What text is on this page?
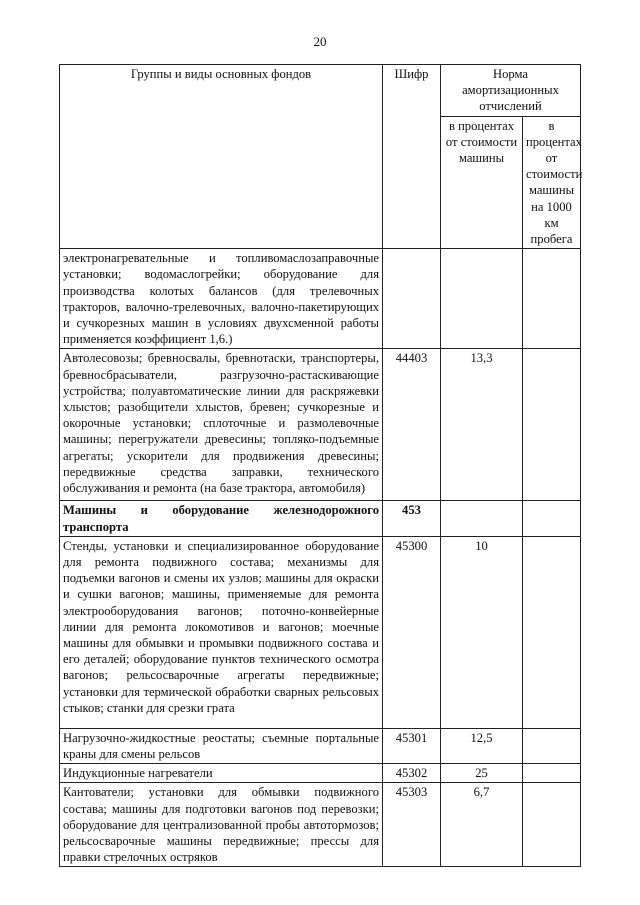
20
Группы и виды основных фондов	Шифр	Норма амортизационных отчислений	
		в процентах от стоимости машины	в процентах от стоимости машины на 1000 км пробега
электронагревательные и топливомаслозаправочные установки; водомаслогрейки; оборудование для производства колотых балансов (для трелевочных тракторов, валочно-трелевочных, валочно-пакетирующих и сучкорезных машин в условиях двухсменной работы применяется коэффициент 1,6.)			
Автолесовозы; бревносвалы, бревнотаски, транспортеры, бревносбрасыватели, разгрузочно-растаскивающие устройства; полуавтоматические линии для раскряжевки хлыстов; разобщители хлыстов, бревен; сучкорезные и окорочные установки; сплоточные и размолевочные машины; перегружатели древесины; топляко-подъемные агрегаты; ускорители для продвижения древесины; передвижные средства заправки, технического обслуживания и ремонта (на базе трактора, автомобиля)	44403	13,3	
Машины и оборудование железнодорожного транспорта	453		
Стенды, установки и специализированное оборудование для ремонта подвижного состава; механизмы для подъемки вагонов и смены их узлов; машины для окраски и сушки вагонов; машины, применяемые для ремонта электрооборудования вагонов; поточно-конвейерные линии для ремонта локомотивов и вагонов; моечные машины для обмывки и промывки подвижного состава и его деталей; оборудование пунктов технического осмотра вагонов; рельсосварочные агрегаты передвижные; установки для термической обработки сварных рельсовых стыков; станки для срезки грата	45300	10	
Нагрузочно-жидкостные реостаты; съемные портальные краны для смены рельсов	45301	12,5	
Индукционные нагреватели	45302	25	
Кантователи; установки для обмывки подвижного состава; машины для подготовки вагонов под перевозки; оборудование для централизованной пробы автотормозов; рельсосварочные машины передвижные; прессы для правки стрелочных остряков	45303	6,7	
